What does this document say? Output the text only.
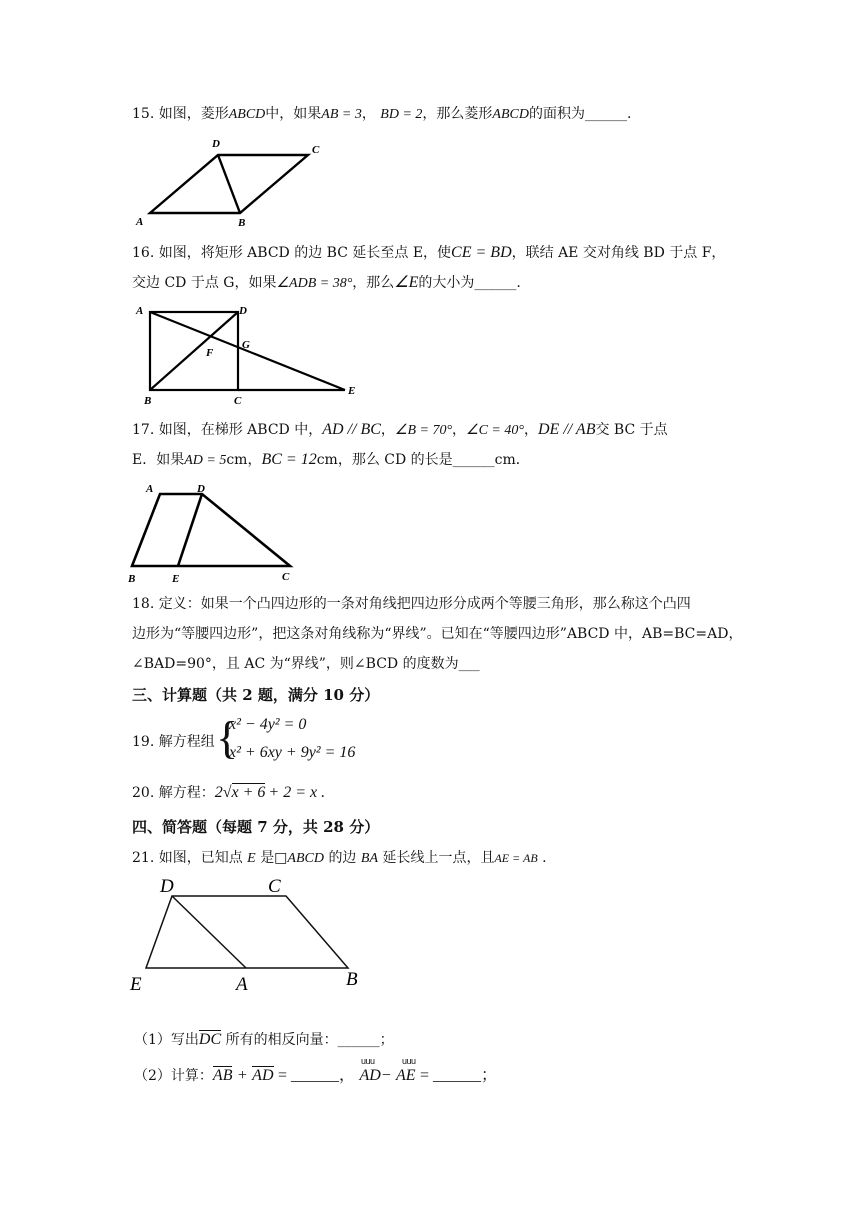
15. 如图，菱形ABCD中，如果AB = 3， BD = 2，那么菱形ABCD的面积为______.
A	B
C
D
16. 如图，将矩形 ABCD 的边 BC 延长至点 E，使CE = BD，联结 AE 交对角线 BD 于点 F，
交边 CD 于点 G，如果∠ADB = 38°，那么∠E的大小为______.
A	D
G
F
B	C
E
17. 如图，在梯形 ABCD 中，AD // BC，∠B = 70°，∠C = 40°，DE // AB交 BC 于点
E．如果AD = 5cm，BC = 12cm，那么 CD 的长是______cm．
A	D
B	E	C
18. 定义：如果一个凸四边形的一条对角线把四边形分成两个等腰三角形，那么称这个凸四
边形为“等腰四边形”，把这条对角线称为“界线”。已知在“等腰四边形”ABCD 中，AB=BC=AD，
∠BAD=90°，且 AC 为“界线”，则∠BCD 的度数为___
三、计算题（共 2 题，满分 10 分）
19. 解方程组 {
x² − 4y² = 0
x² + 6xy + 9y² = 16
20. 解方程：2√x + 6 + 2 = x .
四、简答题（每题 7 分，共 28 分）
21. 如图，已知点 E 是□ABCD 的边 BA 延长线上一点，且AE = AB .
D	C
E	A	B
（1）写出DC 所有的相反向量：______；
uuu	uuu
（2）计算：AB + AD = ______， AD− AE = ______；
